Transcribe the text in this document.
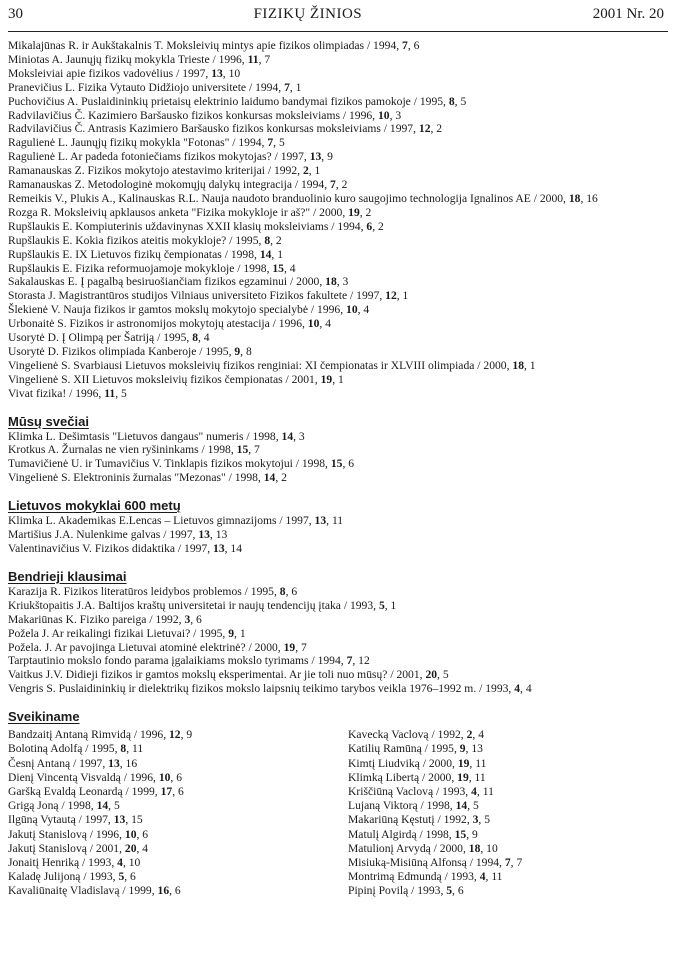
30	FIZIKŲ ŽINIOS	2001 Nr. 20
Mikalajūnas R. ir Aukštakalnis T. Moksleivių mintys apie fizikos olimpiadas / 1994, 7, 6
Miniotas A. Jaunųjų fizikų mokykla Trieste / 1996, 11, 7
Moksleiviai apie fizikos vadovėlius / 1997, 13, 10
Pranevičius L. Fizika Vytauto Didžiojo universitete / 1994, 7, 1
Puchovičius A. Puslaidininkių prietaisų elektrinio laidumo bandymai fizikos pamokoje / 1995, 8, 5
Radvilavičius Č. Kazimiero Baršausko fizikos konkursas moksleiviams / 1996, 10, 3
Radvilavičius Č. Antrasis Kazimiero Baršausko fizikos konkursas moksleiviams / 1997, 12, 2
Ragulienė L. Jaunųjų fizikų mokykla "Fotonas" / 1994, 7, 5
Ragulienė L. Ar padeda fotoniečiams fizikos mokytojas? / 1997, 13, 9
Ramanauskas Z. Fizikos mokytojo atestavimo kriterijai / 1992, 2, 1
Ramanauskas Z. Metodologinė mokomųjų dalykų integracija / 1994, 7, 2
Remeikis V., Plukis A., Kalinauskas R.L. Nauja naudoto branduolinio kuro saugojimo technologija Ignalinos AE / 2000, 18, 16
Rozga R. Moksleivių apklausos anketa "Fizika mokykloje ir aš?" / 2000, 19, 2
Rupšlaukis E. Kompiuterinis uždavinynas XXII klasių moksleiviams / 1994, 6, 2
Rupšlaukis E. Kokia fizikos ateitis mokykloje? / 1995, 8, 2
Rupšlaukis E. IX Lietuvos fizikų čempionatas / 1998, 14, 1
Rupšlaukis E. Fizika reformuojamoje mokykloje / 1998, 15, 4
Sakalauskas E. Į pagalbą besiruošiančiam fizikos egzaminui / 2000, 18, 3
Storasta J. Magistrantūros studijos Vilniaus universiteto Fizikos fakultete / 1997, 12, 1
Šlekienė V. Nauja fizikos ir gamtos mokslų mokytojo specialybė / 1996, 10, 4
Urbonaitė S. Fizikos ir astronomijos mokytojų atestacija / 1996, 10, 4
Usorytė D. Į Olimpą per Šatriją / 1995, 8, 4
Usorytė D. Fizikos olimpiada Kanberoje / 1995, 9, 8
Vingelienė S. Svarbiausi Lietuvos moksleivių fizikos renginiai: XI čempionatas ir XLVIII olimpiada / 2000, 18, 1
Vingelienė S. XII Lietuvos moksleivių fizikos čempionatas / 2001, 19, 1
Vivat fizika! / 1996, 11, 5
Mūsų svečiai
Klimka L. Dešimtasis "Lietuvos dangaus" numeris / 1998, 14, 3
Krotkus A. Žurnalas ne vien ryšininkams / 1998, 15, 7
Tumavičienė U. ir Tumavičius V. Tinklapis fizikos mokytojui / 1998, 15, 6
Vingelienė S. Elektroninis žurnalas "Mezonas" / 1998, 14, 2
Lietuvos mokyklai 600 metų
Klimka L. Akademikas E.Lencas – Lietuvos gimnazijoms / 1997, 13, 11
Martišius J.A. Nulenkime galvas / 1997, 13, 13
Valentinavičius V. Fizikos didaktika / 1997, 13, 14
Bendrieji klausimai
Karazija R. Fizikos literatūros leidybos problemos / 1995, 8, 6
Kriukštopaitis J.A. Baltijos kraštų universitetai ir naujų tendencijų įtaka / 1993, 5, 1
Makariūnas K. Fiziko pareiga / 1992, 3, 6
Požela J. Ar reikalingi fizikai Lietuvai? / 1995, 9, 1
Požela. J. Ar pavojinga Lietuvai atominė elektrinė? / 2000, 19, 7
Tarptautinio mokslo fondo parama įgalaikiams mokslo tyrimams / 1994, 7, 12
Vaitkus J.V. Didieji fizikos ir gamtos mokslų eksperimentai. Ar jie toli nuo mūsų? / 2001, 20, 5
Vengris S. Puslaidininkių ir dielektrikų fizikos mokslo laipsnių teikimo tarybos veikla 1976–1992 m. / 1993, 4, 4
Sveikiname
Bandzaitį Antaną Rimvidą / 1996, 12, 9
Bolotiną Adolfą / 1995, 8, 11
Česnį Antaną / 1997, 13, 16
Dienį Vincentą Visvaldą / 1996, 10, 6
Garšką Evaldą Leonardą / 1999, 17, 6
Grigą Joną / 1998, 14, 5
Ilgūną Vytautą / 1997, 13, 15
Jakutį Stanislovą / 1996, 10, 6
Jakutį Stanislovą / 2001, 20, 4
Jonaitį Henriką / 1993, 4, 10
Kaladę Julijoną / 1993, 5, 6
Kavaliūnaitę Vladislavą / 1999, 16, 6
Kavecką Vaclovą / 1992, 2, 4
Katilių Ramūną / 1995, 9, 13
Kimtį Liudviką / 2000, 19, 11
Klimką Libertą / 2000, 19, 11
Kriščiūną Vaclovą / 1993, 4, 11
Lujaną Viktorą / 1998, 14, 5
Makariūną Kęstutį / 1992, 3, 5
Matulį Algirdą / 1998, 15, 9
Matulionį Arvydą / 2000, 18, 10
Misiuką-Misiūną Alfonsą / 1994, 7, 7
Montrimą Edmundą / 1993, 4, 11
Pipinį Povilą / 1993, 5, 6
